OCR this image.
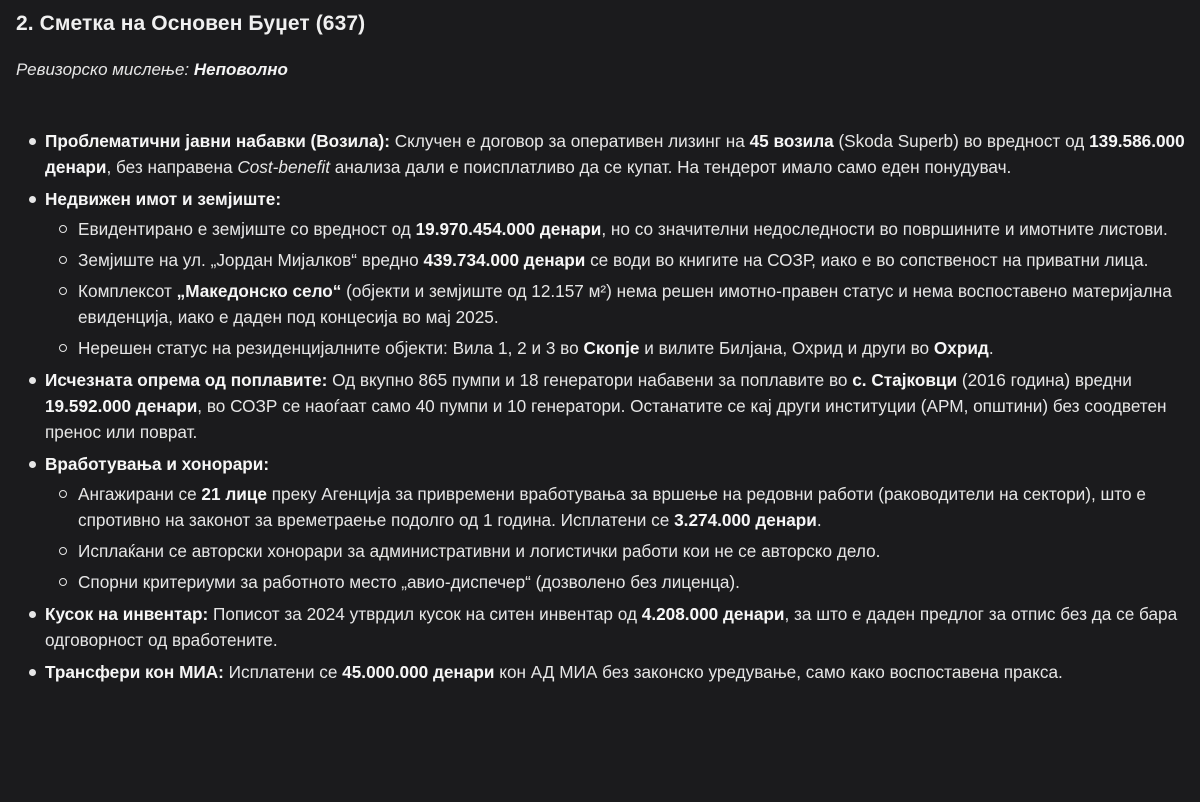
2. Сметка на Основен Буџет (637)
Ревизорско мислење: Неповолно
Проблематични јавни набавки (Возила): Склучен е договор за оперативен лизинг на 45 возила (Skoda Superb) во вредност од 139.586.000 денари, без направена Cost-benefit анализа дали е поисплатливо да се купат. На тендерот имало само еден понудувач.
Недвижен имот и земјиште:
Евидентирано е земјиште со вредност од 19.970.454.000 денари, но со значителни недоследности во површините и имотните листови.
Земјиште на ул. „Јордан Мијалков“ вредно 439.734.000 денари се води во книгите на СОЗР, иако е во сопственост на приватни лица.
Комплексот „Македонско село“ (објекти и земјиште од 12.157 м²) нема решен имотно-правен статус и нема воспоставено материјална евиденција, иако е даден под концесија во мај 2025.
Нерешен статус на резиденцијалните објекти: Вила 1, 2 и 3 во Скопје и вилите Билјана, Охрид и други во Охрид.
Исчезната опрема од поплавите: Од вкупно 865 пумпи и 18 генератори набавени за поплавите во с. Стајковци (2016 година) вредни 19.592.000 денари, во СОЗР се наоѓаат само 40 пумпи и 10 генератори. Останатите се кај други институции (АРМ, општини) без соодветен пренос или поврат.
Вработувања и хонорари:
Ангажирани се 21 лице преку Агенција за привремени вработувања за вршење на редовни работи (раководители на сектори), што е спротивно на законот за времетраење подолго од 1 година. Исплатени се 3.274.000 денари.
Исплаќани се авторски хонорари за административни и логистички работи кои не се авторско дело.
Спорни критериуми за работното место „авио-диспечер“ (дозволено без лиценца).
Кусок на инвентар: Пописот за 2024 утврдил кусок на ситен инвентар од 4.208.000 денари, за што е даден предлог за отпис без да се бара одговорност од вработените.
Трансфери кон МИА: Исплатени се 45.000.000 денари кон АД МИА без законско уредување, само како воспоставена пракса.
